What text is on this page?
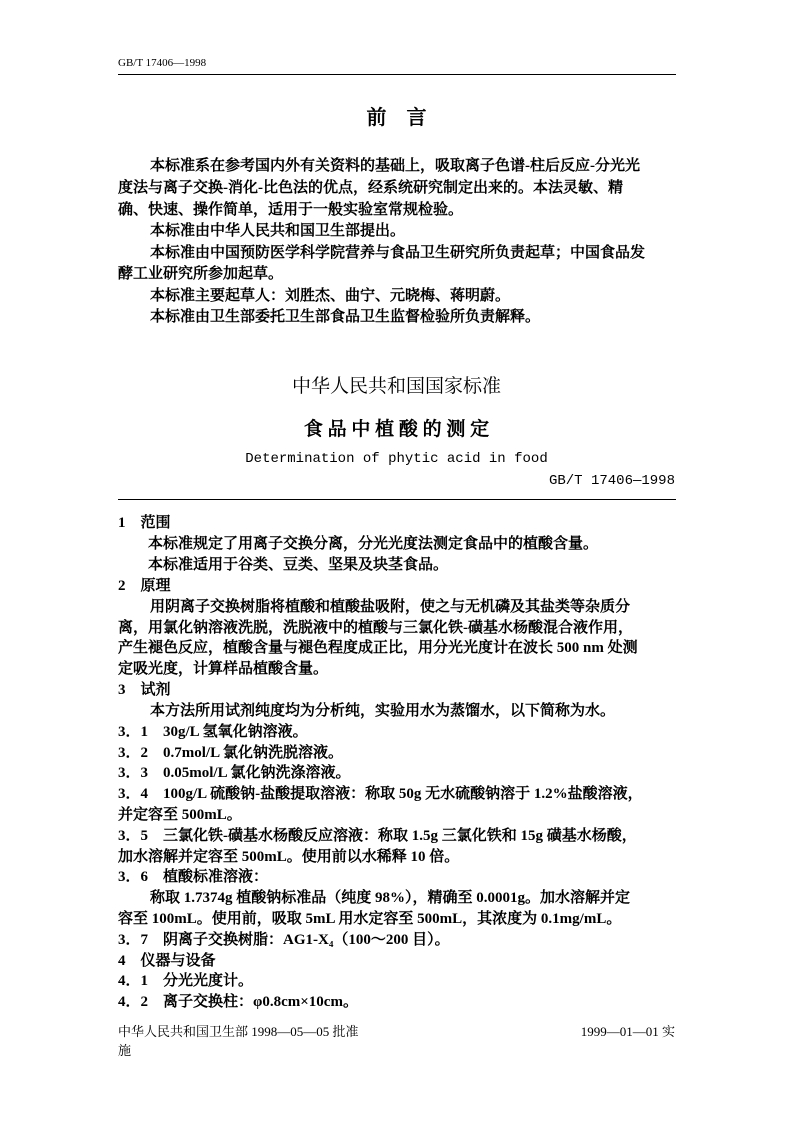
GB/T 17406—1998
前　言
本标准系在参考国内外有关资料的基础上，吸取离子色谱-柱后反应-分光光
度法与离子交换-消化-比色法的优点，经系统研究制定出来的。本法灵敏、精
确、快速、操作简单，适用于一般实验室常规检验。
本标准由中华人民共和国卫生部提出。
本标准由中国预防医学科学院营养与食品卫生研究所负责起草；中国食品发
酵工业研究所参加起草。
本标准主要起草人：刘胜杰、曲宁、元晓梅、蒋明蔚。
本标准由卫生部委托卫生部食品卫生监督检验所负责解释。
中华人民共和国国家标准
食 品 中 植 酸 的 测 定
Determination of phytic acid in food
GB/T 17406—1998
1　范围
本标准规定了用离子交换分离，分光光度法测定食品中的植酸含量。
本标准适用于谷类、豆类、坚果及块茎食品。
2　原理
用阴离子交换树脂将植酸和植酸盐吸附，使之与无机磷及其盐类等杂质分
离，用氯化钠溶液洗脱，洗脱液中的植酸与三氯化铁-磺基水杨酸混合液作用，
产生褪色反应，植酸含量与褪色程度成正比，用分光光度计在波长 500 nm 处测
定吸光度，计算样品植酸含量。
3　试剂
本方法所用试剂纯度均为分析纯，实验用水为蒸馏水，以下简称为水。
3．1　30g/L 氢氧化钠溶液。
3．2　0.7mol/L 氯化钠洗脱溶液。
3．3　0.05mol/L 氯化钠洗涤溶液。
3．4　100g/L 硫酸钠-盐酸提取溶液：称取 50g 无水硫酸钠溶于 1.2%盐酸溶液，
并定容至 500mL。
3．5　三氯化铁-磺基水杨酸反应溶液：称取 1.5g 三氯化铁和 15g 磺基水杨酸，
加水溶解并定容至 500mL。使用前以水稀释 10 倍。
3．6　植酸标准溶液：
称取 1.7374g 植酸钠标准品（纯度 98%），精确至 0.0001g。加水溶解并定
容至 100mL。使用前，吸取 5mL 用水定容至 500mL，其浓度为 0.1mg/mL。
3．7　阴离子交换树脂：AG1-X₄（100～200 目）。
4　仪器与设备
4．1　分光光度计。
4．2　离子交换柱：φ0.8cm×10cm。
中华人民共和国卫生部 1998—05—05 批准
施
1999—01—01 实
